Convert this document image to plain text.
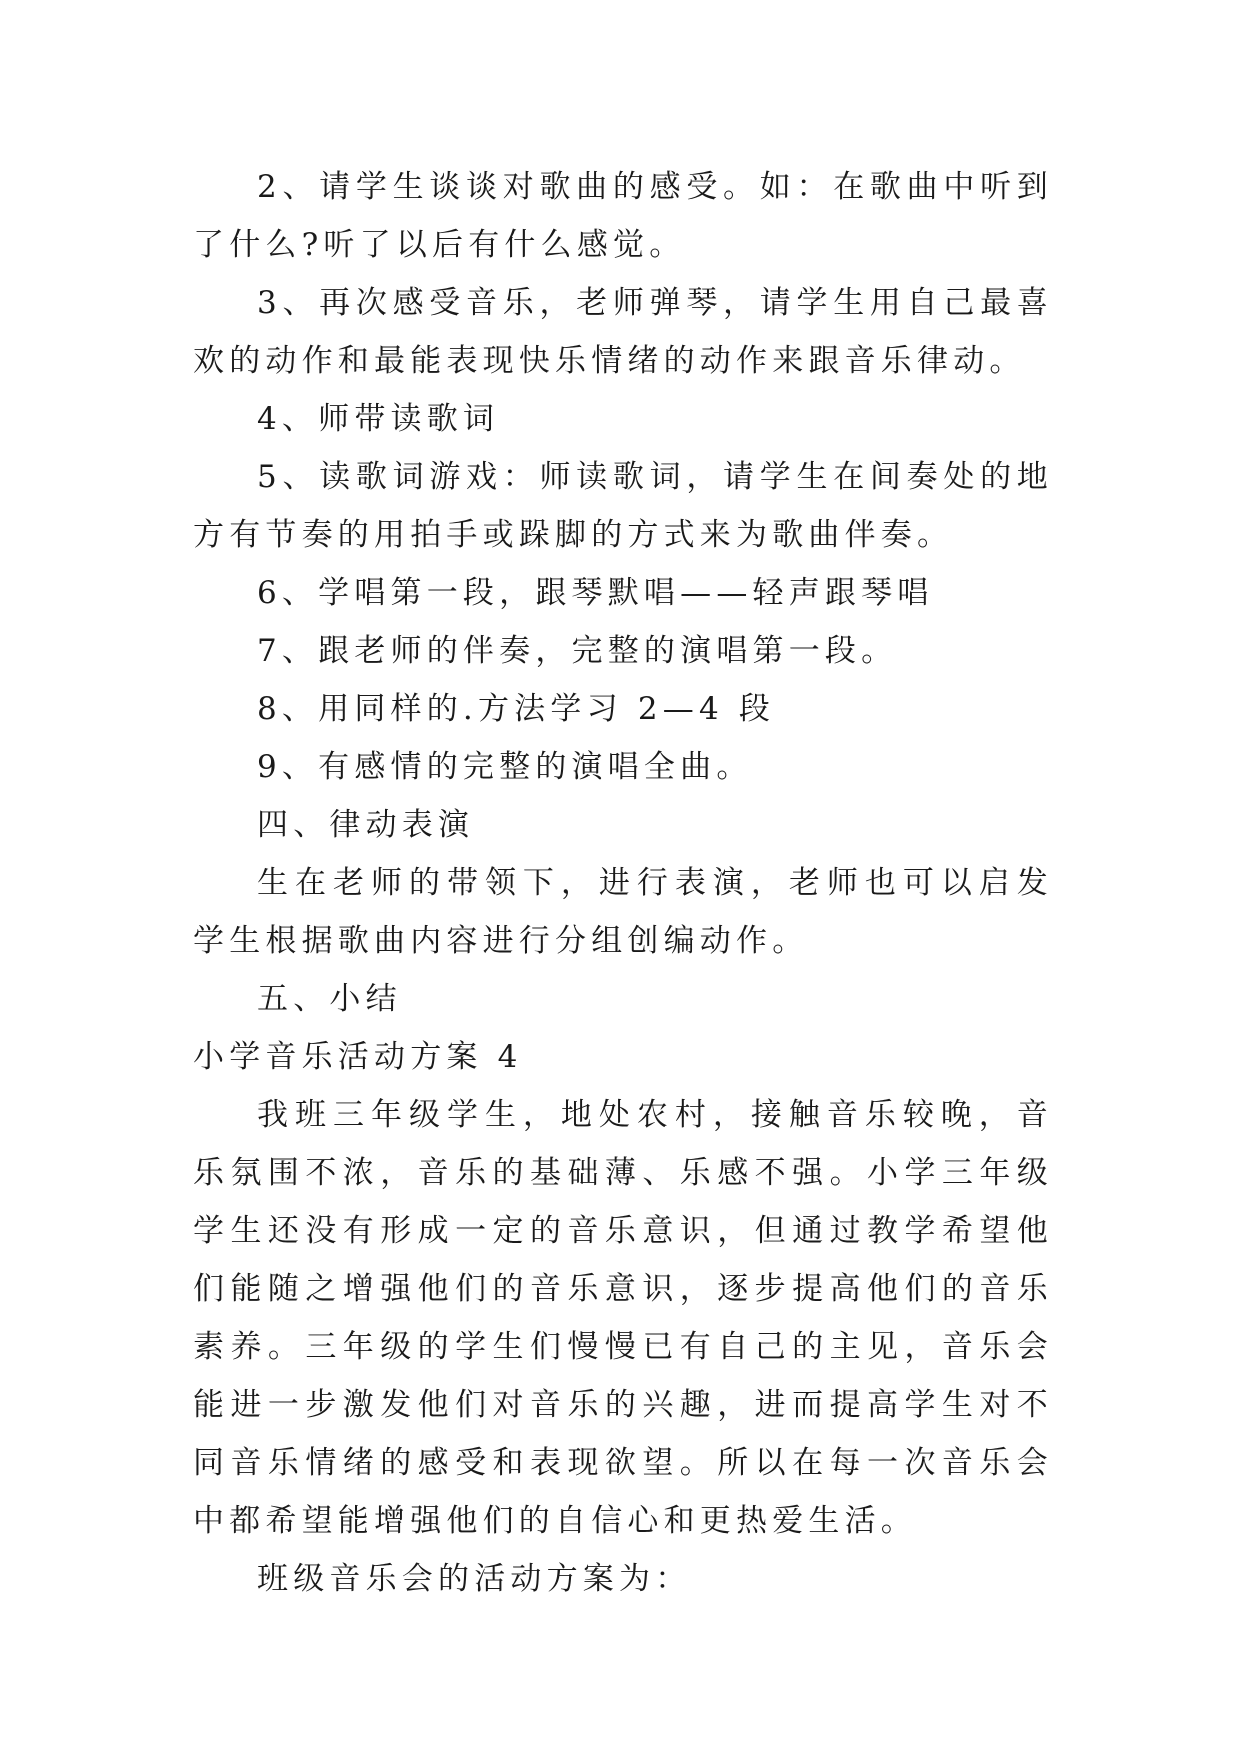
2、请学生谈谈对歌曲的感受。如：在歌曲中听到了什么?听了以后有什么感觉。

3、再次感受音乐，老师弹琴，请学生用自己最喜欢的动作和最能表现快乐情绪的动作来跟音乐律动。

4、师带读歌词

5、读歌词游戏：师读歌词，请学生在间奏处的地方有节奏的用拍手或跺脚的方式来为歌曲伴奏。

6、学唱第一段，跟琴默唱——轻声跟琴唱

7、跟老师的伴奏，完整的演唱第一段。

8、用同样的.方法学习 2—4 段

9、有感情的完整的演唱全曲。

四、律动表演

生在老师的带领下，进行表演，老师也可以启发学生根据歌曲内容进行分组创编动作。

五、小结

小学音乐活动方案 4

我班三年级学生，地处农村，接触音乐较晚，音乐氛围不浓，音乐的基础薄、乐感不强。小学三年级学生还没有形成一定的音乐意识，但通过教学希望他们能随之增强他们的音乐意识，逐步提高他们的音乐素养。三年级的学生们慢慢已有自己的主见，音乐会能进一步激发他们对音乐的兴趣，进而提高学生对不同音乐情绪的感受和表现欲望。所以在每一次音乐会中都希望能增强他们的自信心和更热爱生活。

班级音乐会的活动方案为：
